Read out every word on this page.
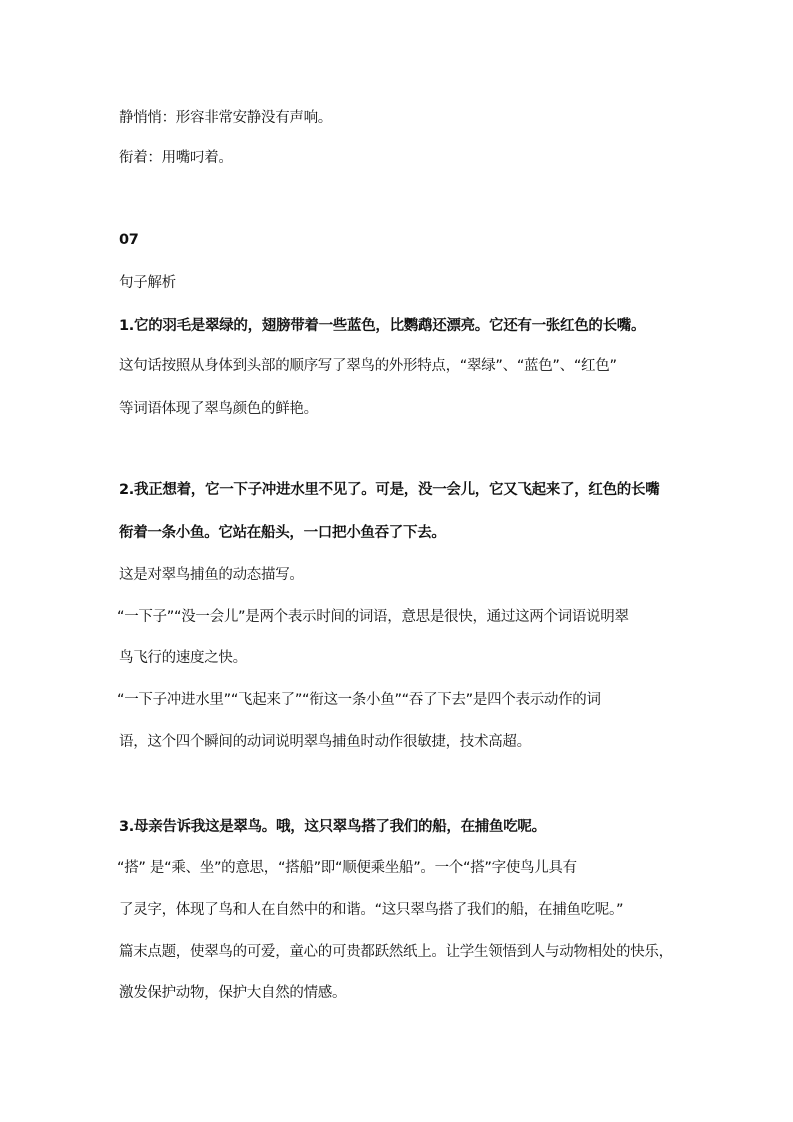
静悄悄：形容非常安静没有声响。
衔着：用嘴叼着。
07
句子解析
1.它的羽毛是翠绿的，翅膀带着一些蓝色，比鹦鹉还漂亮。它还有一张红色的长嘴。
这句话按照从身体到头部的顺序写了翠鸟的外形特点，“翠绿”、“蓝色”、“红色”
等词语体现了翠鸟颜色的鲜艳。
2.我正想着，它一下子冲进水里不见了。可是，没一会儿，它又飞起来了，红色的长嘴
衔着一条小鱼。它站在船头，一口把小鱼吞了下去。
这是对翠鸟捕鱼的动态描写。
“一下子”“没一会儿”是两个表示时间的词语，意思是很快，通过这两个词语说明翠
鸟飞行的速度之快。
“一下子冲进水里”“飞起来了”“衔这一条小鱼”“吞了下去”是四个表示动作的词
语，这个四个瞬间的动词说明翠鸟捕鱼时动作很敏捷，技术高超。
3.母亲告诉我这是翠鸟。哦，这只翠鸟搭了我们的船，在捕鱼吃呢。
“搭” 是“乘、坐”的意思，“搭船”即“顺便乘坐船”。一个“搭”字使鸟儿具有
了灵字，体现了鸟和人在自然中的和谐。“这只翠鸟搭了我们的船，在捕鱼吃呢。”
篇末点题，使翠鸟的可爱，童心的可贵都跃然纸上。让学生领悟到人与动物相处的快乐，
激发保护动物，保护大自然的情感。
